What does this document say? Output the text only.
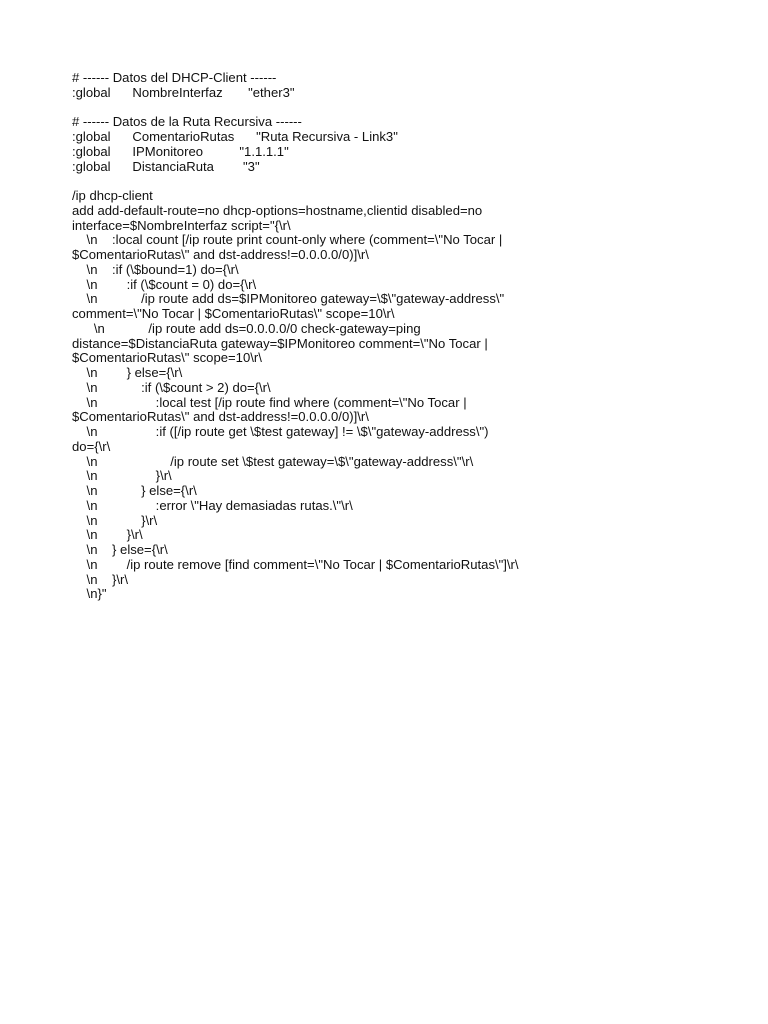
# ------ Datos del DHCP-Client ------
:global      NombreInterfaz       "ether3"
# ------ Datos de la Ruta Recursiva ------
:global      ComentarioRutas      "Ruta Recursiva - Link3"
:global      IPMonitoreo          "1.1.1.1"
:global      DistanciaRuta        "3"
/ip dhcp-client
add add-default-route=no dhcp-options=hostname,clientid disabled=no
interface=$NombreInterfaz script="{\r\
\n    :local count [/ip route print count-only where (comment=\"No Tocar |
$ComentarioRutas\" and dst-address!=0.0.0.0/0)]\r\
\n    :if (\$bound=1) do={\r\
\n        :if (\$count = 0) do={\r\
\n            /ip route add ds=$IPMonitoreo gateway=\$\"gateway-address\"
comment=\"No Tocar | $ComentarioRutas\" scope=10\r\
\n            /ip route add ds=0.0.0.0/0 check-gateway=ping
distance=$DistanciaRuta gateway=$IPMonitoreo comment=\"No Tocar |
$ComentarioRutas\" scope=10\r\
\n        } else={\r\
\n            :if (\$count > 2) do={\r\
\n                :local test [/ip route find where (comment=\"No Tocar |
$ComentarioRutas\" and dst-address!=0.0.0.0/0)]\r\
\n                :if ([/ip route get \$test gateway] != \$\"gateway-address\")
do={\r\
\n                    /ip route set \$test gateway=\$\"gateway-address\"\r\
\n                }\r\
\n            } else={\r\
\n                :error \"Hay demasiadas rutas.\"\r\
\n            }\r\
\n        }\r\
\n    } else={\r\
\n        /ip route remove [find comment=\"No Tocar | $ComentarioRutas\"]\r\
\n    }\r\
\n}"
